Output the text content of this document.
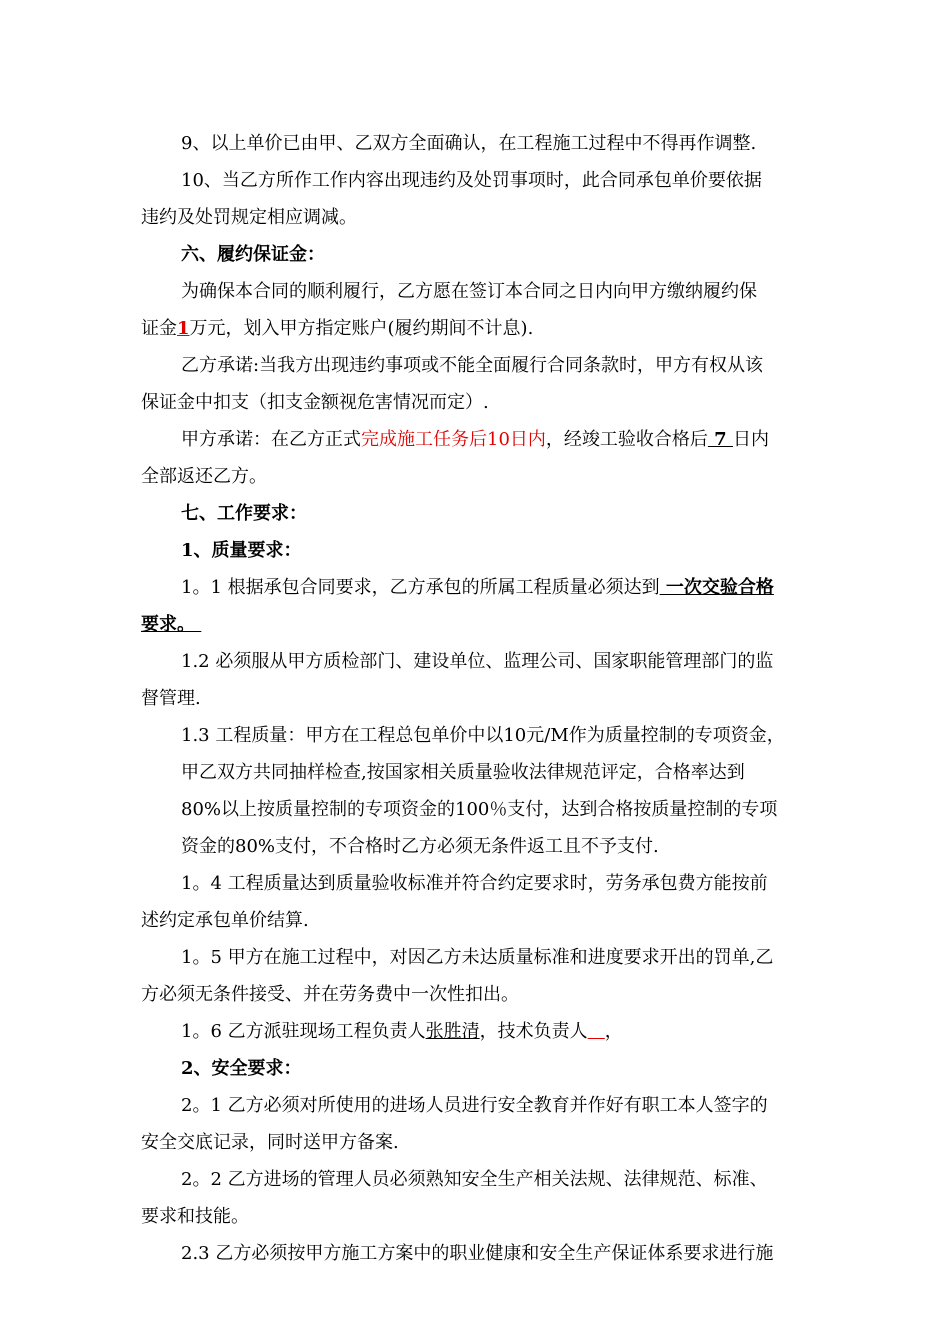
9、以上单价已由甲、乙双方全面确认，在工程施工过程中不得再作调整.
10、当乙方所作工作内容出现违约及处罚事项时，此合同承包单价要依据
违约及处罚规定相应调减。
六、履约保证金：
为确保本合同的顺利履行，乙方愿在签订本合同之日内向甲方缴纳履约保
证金1万元，划入甲方指定账户(履约期间不计息).
乙方承诺:当我方出现违约事项或不能全面履行合同条款时，甲方有权从该
保证金中扣支（扣支金额视危害情况而定）.
甲方承诺：在乙方正式完成施工任务后10日内，经竣工验收合格后 7 日内
全部返还乙方。
七、工作要求：
1、质量要求：
1。1 根据承包合同要求，乙方承包的所属工程质量必须达到 一次交验合格
要求。
1.2 必须服从甲方质检部门、建设单位、监理公司、国家职能管理部门的监
督管理.
1.3 工程质量：甲方在工程总包单价中以10元/M作为质量控制的专项资金，
甲乙双方共同抽样检查,按国家相关质量验收法律规范评定，合格率达到
80%以上按质量控制的专项资金的100％支付，达到合格按质量控制的专项
资金的80%支付，不合格时乙方必须无条件返工且不予支付.
1。4 工程质量达到质量验收标准并符合约定要求时，劳务承包费方能按前
述约定承包单价结算.
1。5 甲方在施工过程中，对因乙方未达质量标准和进度要求开出的罚单,乙
方必须无条件接受、并在劳务费中一次性扣出。
1。6 乙方派驻现场工程负责人张胜清，技术负责人 ，
2、安全要求：
2。1 乙方必须对所使用的进场人员进行安全教育并作好有职工本人签字的
安全交底记录，同时送甲方备案.
2。2 乙方进场的管理人员必须熟知安全生产相关法规、法律规范、标准、
要求和技能。
2.3 乙方必须按甲方施工方案中的职业健康和安全生产保证体系要求进行施
